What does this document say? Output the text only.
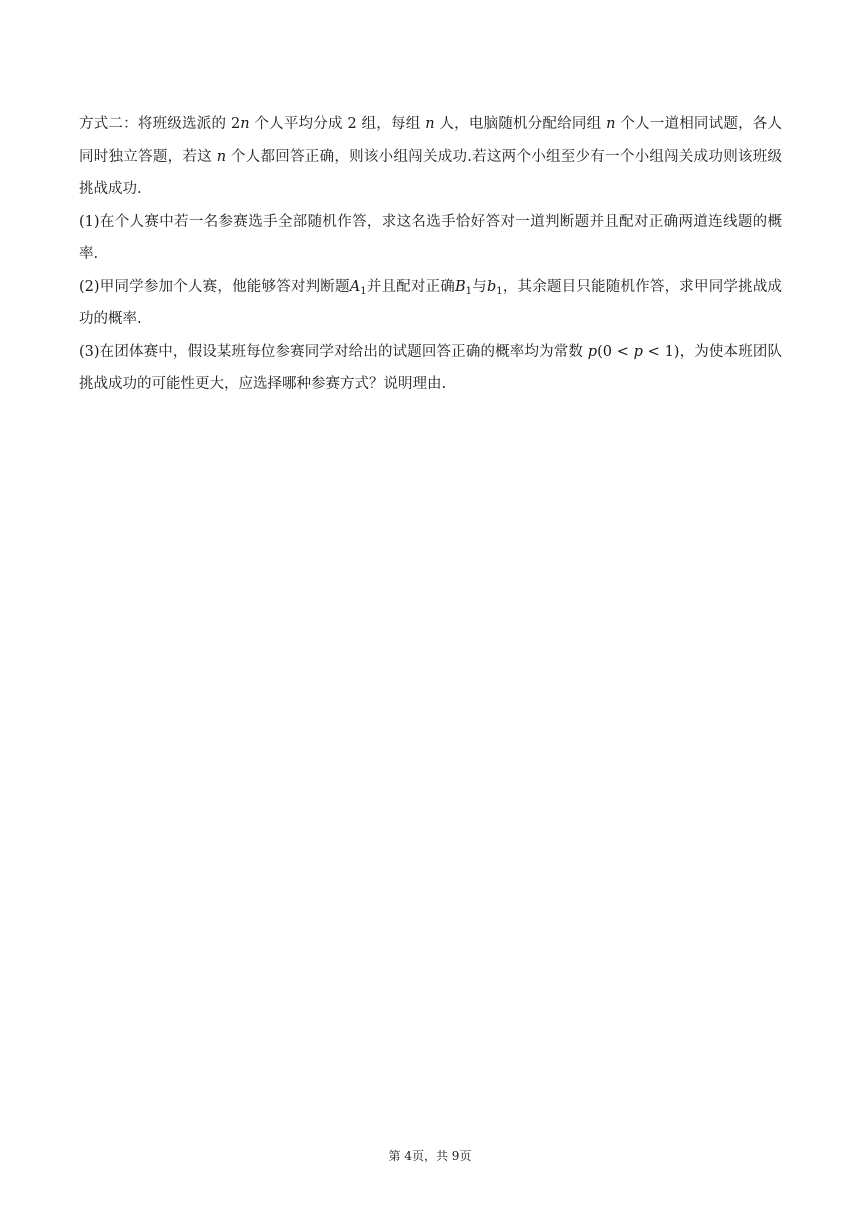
方式二：将班级选派的 2n 个人平均分成 2 组，每组 n 人，电脑随机分配给同组 n 个人一道相同试题，各人同时独立答题，若这 n 个人都回答正确，则该小组闯关成功.若这两个小组至少有一个小组闯关成功则该班级挑战成功.

(1)在个人赛中若一名参赛选手全部随机作答，求这名选手恰好答对一道判断题并且配对正确两道连线题的概率.

(2)甲同学参加个人赛，他能够答对判断题$A_1$并且配对正确$B_1$与$b_1$，其余题目只能随机作答，求甲同学挑战成功的概率.

(3)在团体赛中，假设某班每位参赛同学对给出的试题回答正确的概率均为常数 p(0 < p < 1)，为使本班团队挑战成功的可能性更大，应选择哪种参赛方式？说明理由.

第 4页，共 9页
